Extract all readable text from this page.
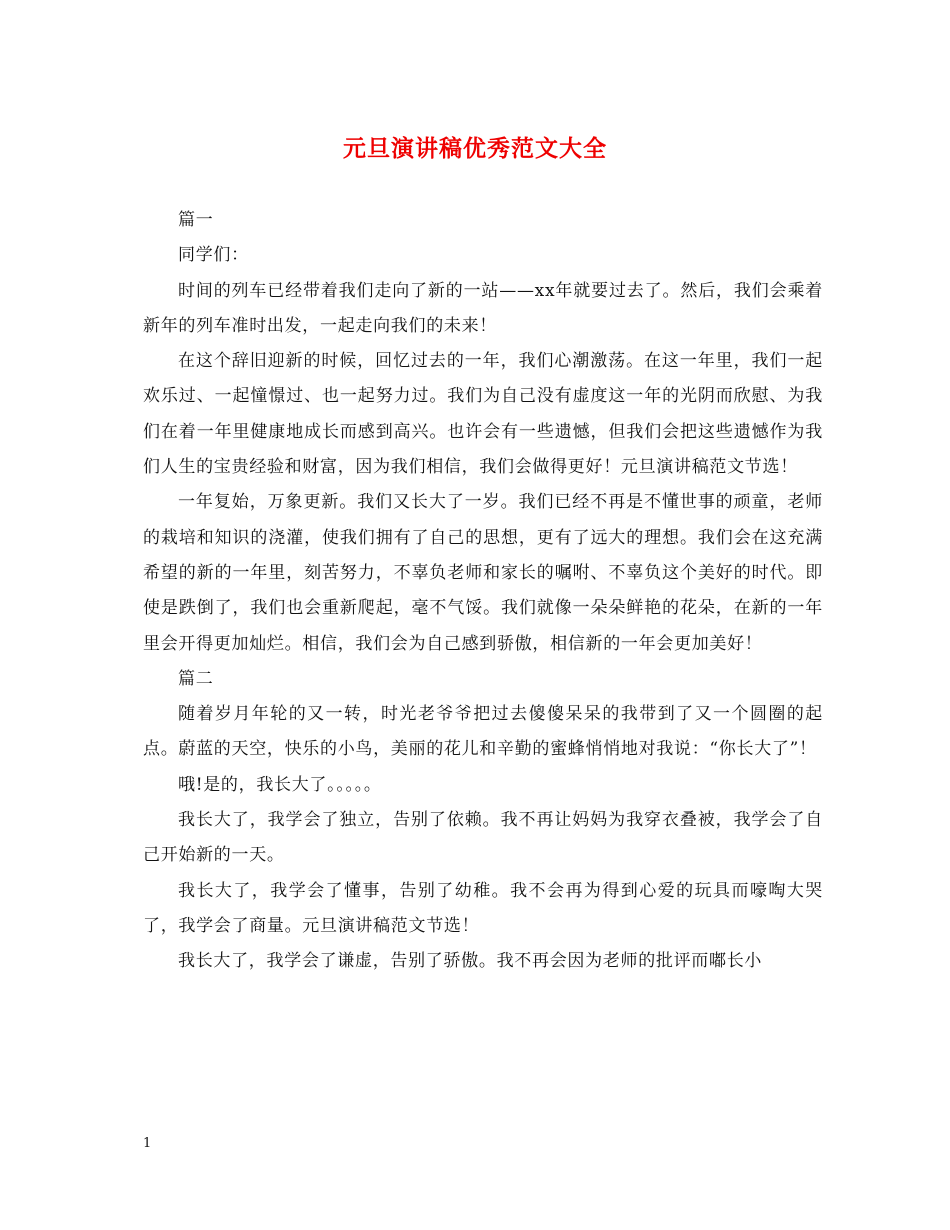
元旦演讲稿优秀范文大全

篇一

同学们：

时间的列车已经带着我们走向了新的一站——xx年就要过去了。然后，我们会乘着新年的列车准时出发，一起走向我们的未来！

在这个辞旧迎新的时候，回忆过去的一年，我们心潮激荡。在这一年里，我们一起欢乐过、一起憧憬过、也一起努力过。我们为自己没有虚度这一年的光阴而欣慰、为我们在着一年里健康地成长而感到高兴。也许会有一些遗憾，但我们会把这些遗憾作为我们人生的宝贵经验和财富，因为我们相信，我们会做得更好！元旦演讲稿范文节选！

一年复始，万象更新。我们又长大了一岁。我们已经不再是不懂世事的顽童，老师的栽培和知识的浇灌，使我们拥有了自己的思想，更有了远大的理想。我们会在这充满希望的新的一年里，刻苦努力，不辜负老师和家长的嘱咐、不辜负这个美好的时代。即使是跌倒了，我们也会重新爬起，毫不气馁。我们就像一朵朵鲜艳的花朵，在新的一年里会开得更加灿烂。相信，我们会为自己感到骄傲，相信新的一年会更加美好！

篇二

随着岁月年轮的又一转，时光老爷爷把过去傻傻呆呆的我带到了又一个圆圈的起点。蔚蓝的天空，快乐的小鸟，美丽的花儿和辛勤的蜜蜂悄悄地对我说：“你长大了”！

哦!是的，我长大了。。。。。

我长大了，我学会了独立，告别了依赖。我不再让妈妈为我穿衣叠被，我学会了自己开始新的一天。

我长大了，我学会了懂事，告别了幼稚。我不会再为得到心爱的玩具而嚎啕大哭了，我学会了商量。元旦演讲稿范文节选！

我长大了，我学会了谦虚，告别了骄傲。我不再会因为老师的批评而嘟长小

1
